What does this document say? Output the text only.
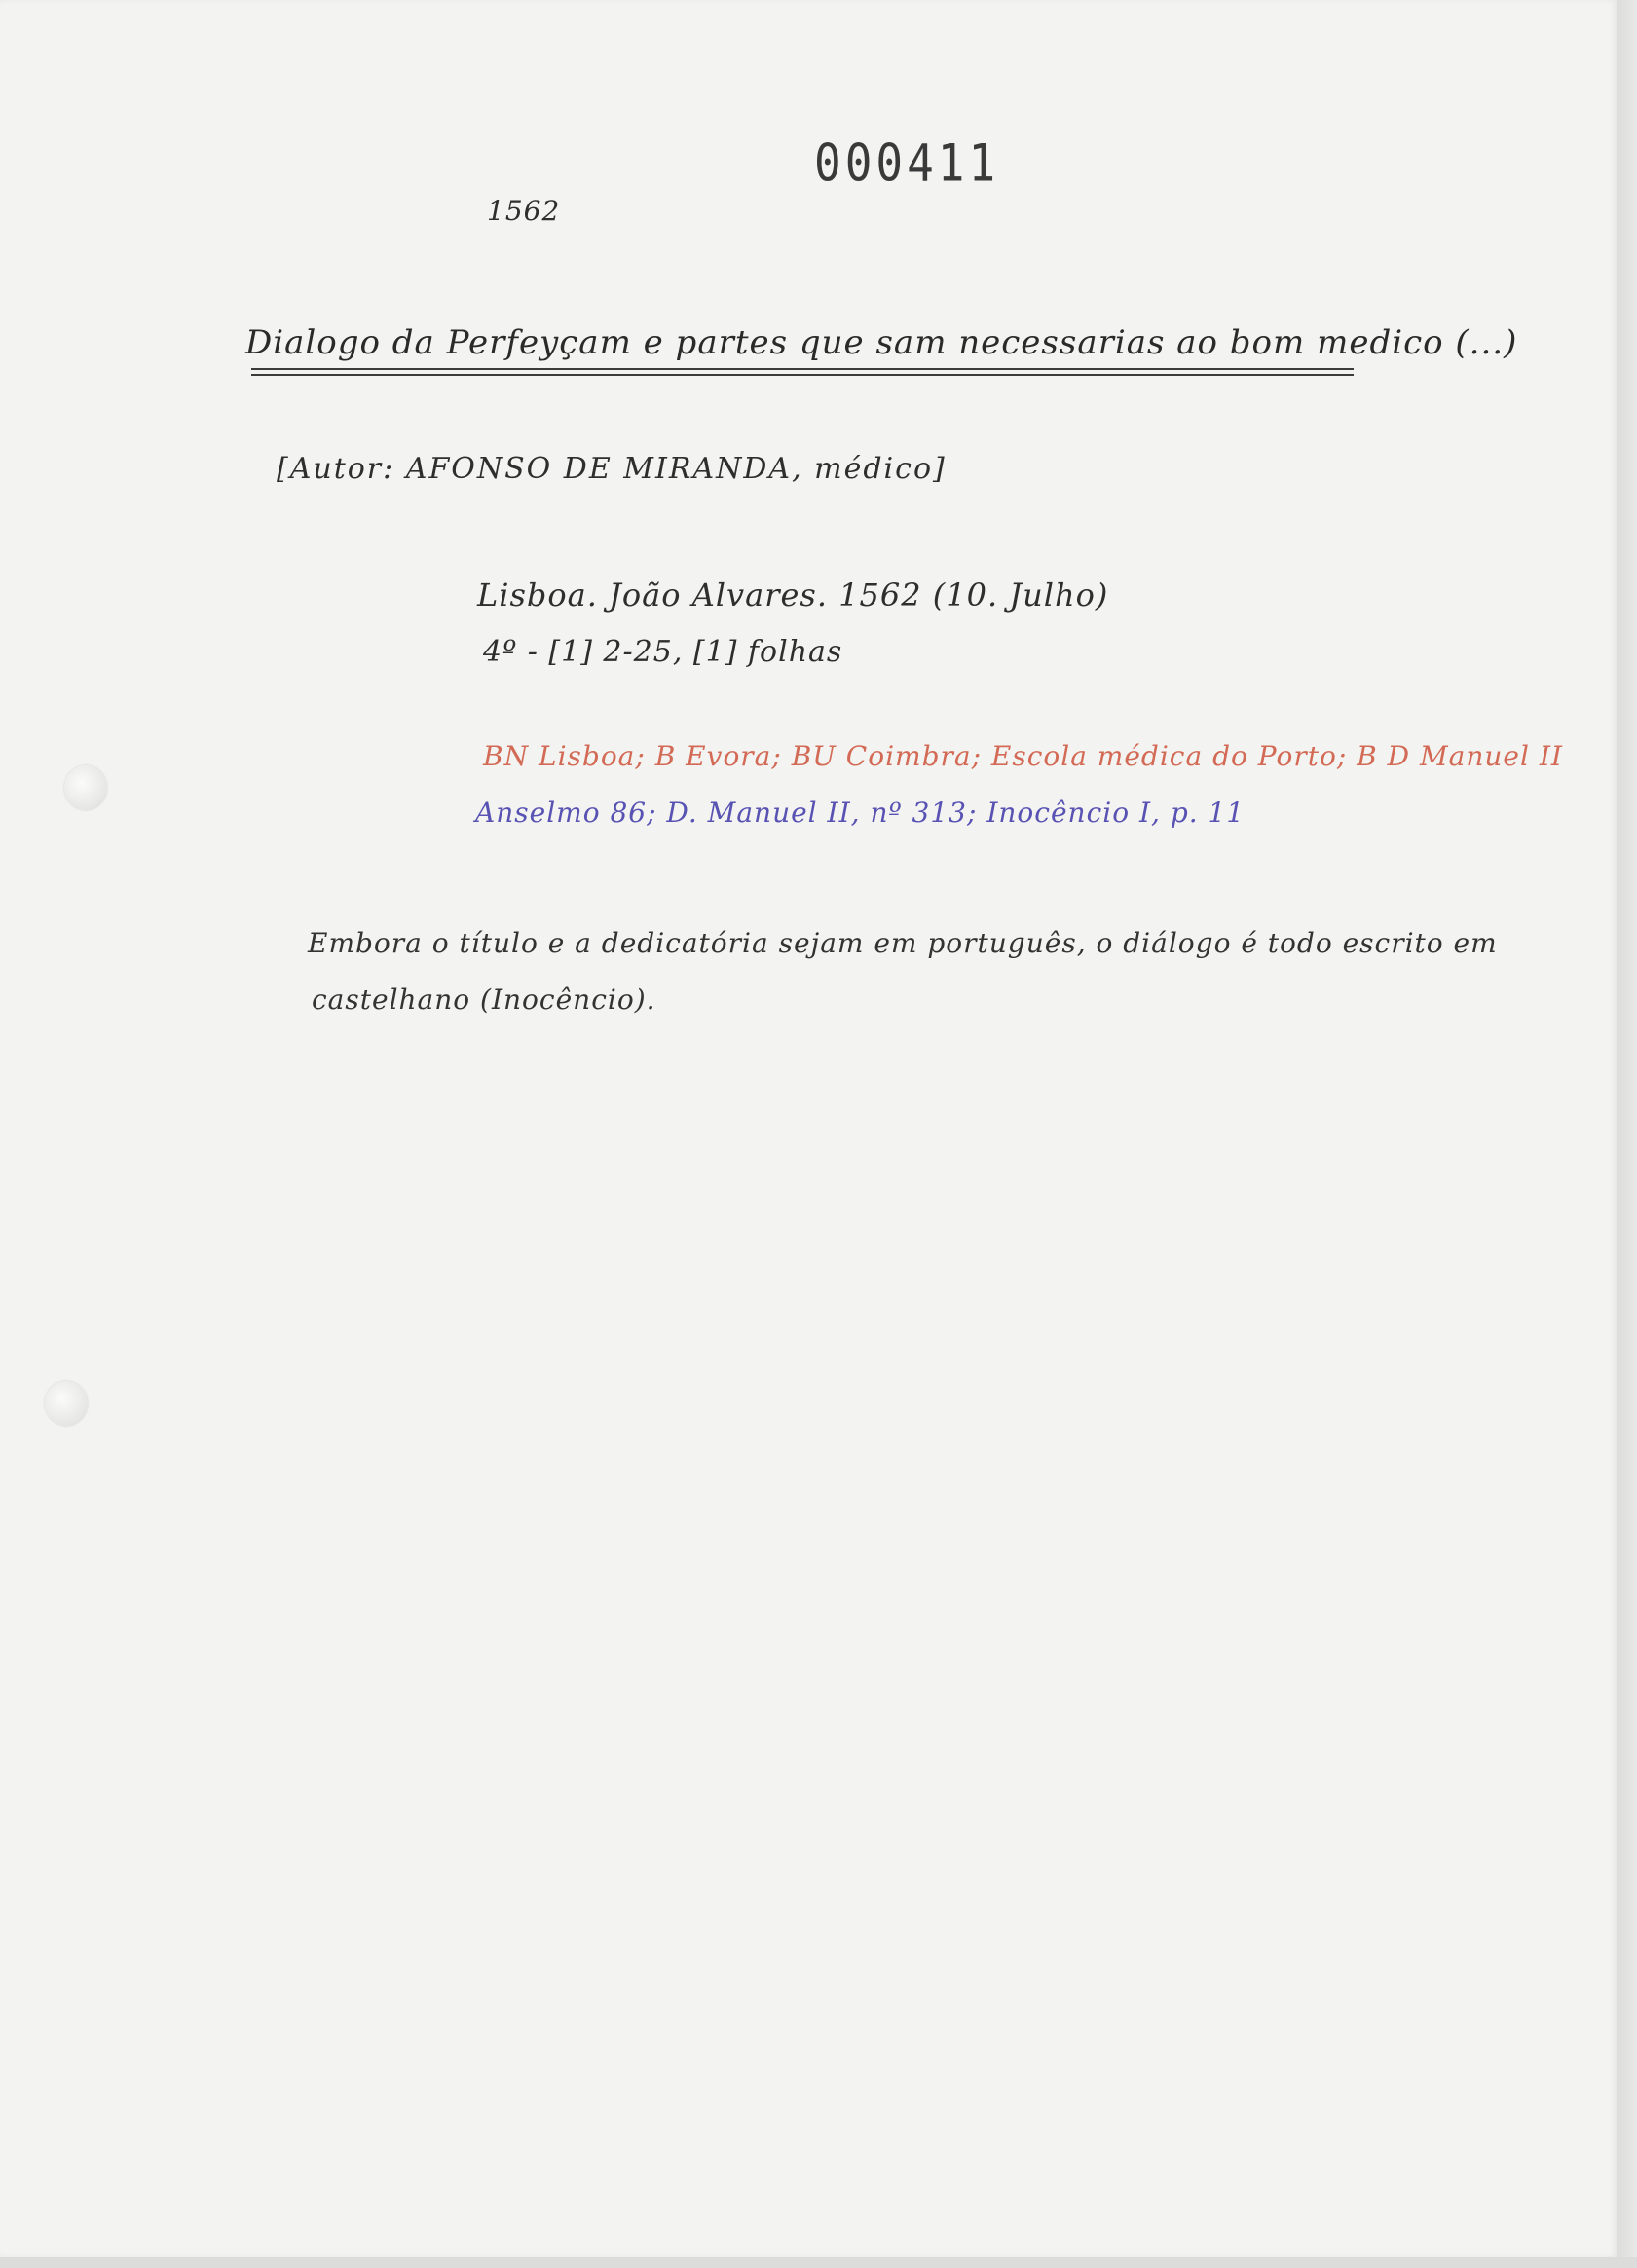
000411
1562
Dialogo da Perfeyçam e partes que sam necessarias ao bom medico (...)
[Autor: AFONSO DE MIRANDA, médico]
Lisboa. João Alvares. 1562 (10. Julho)
4º - [1] 2-25, [1] folhas
BN Lisboa; B Evora; BU Coimbra; Escola médica do Porto; B D Manuel II
Anselmo 86; D. Manuel II, nº 313; Inocêncio I, p. 11
Embora o título e a dedicatória sejam em português, o diálogo é todo escrito em
castelhano (Inocêncio).
